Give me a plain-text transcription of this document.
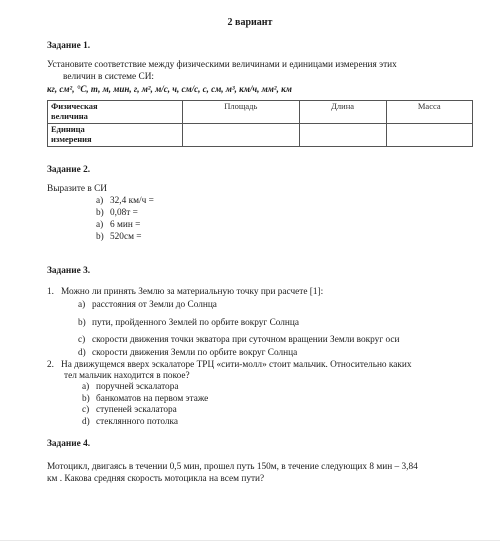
2 вариант
Задание 1.
Установите соответствие между физическими величинами и единицами измерения этих
величин в системе СИ:
кг, см², °С, т, м, мин, г, м², м/с, ч, см/с, с, см, м³, км/ч, мм², км
Физическая
величина	Площадь	Длина	Масса

Единица
измерения			

Задание 2.
Выразите в СИ
а) 32,4 км/ч =
b) 0,08т =
а) 6 мин =
b) 520см =
Задание 3.
1. Можно ли принять Землю за материальную точку при расчете [1]:
a) расстояния от Земли до Солнца
b) пути, пройденного Землей по орбите вокруг Солнца
c) скорости движения точки экватора при суточном вращении Земли вокруг оси
d) скорости движения Земли по орбите вокруг Солнца
2. На движущемся вверх эскалаторе ТРЦ «сити-молл» стоит мальчик. Относительно каких
тел мальчик находится в покое?
a) поручней эскалатора
b) банкоматов на первом этаже
c) ступеней эскалатора
d) стеклянного потолка
Задание 4.
Мотоцикл, двигаясь в течении 0,5 мин, прошел путь 150м, в течение следующих 8 мин – 3,84
км . Какова средняя скорость мотоцикла на всем пути?
